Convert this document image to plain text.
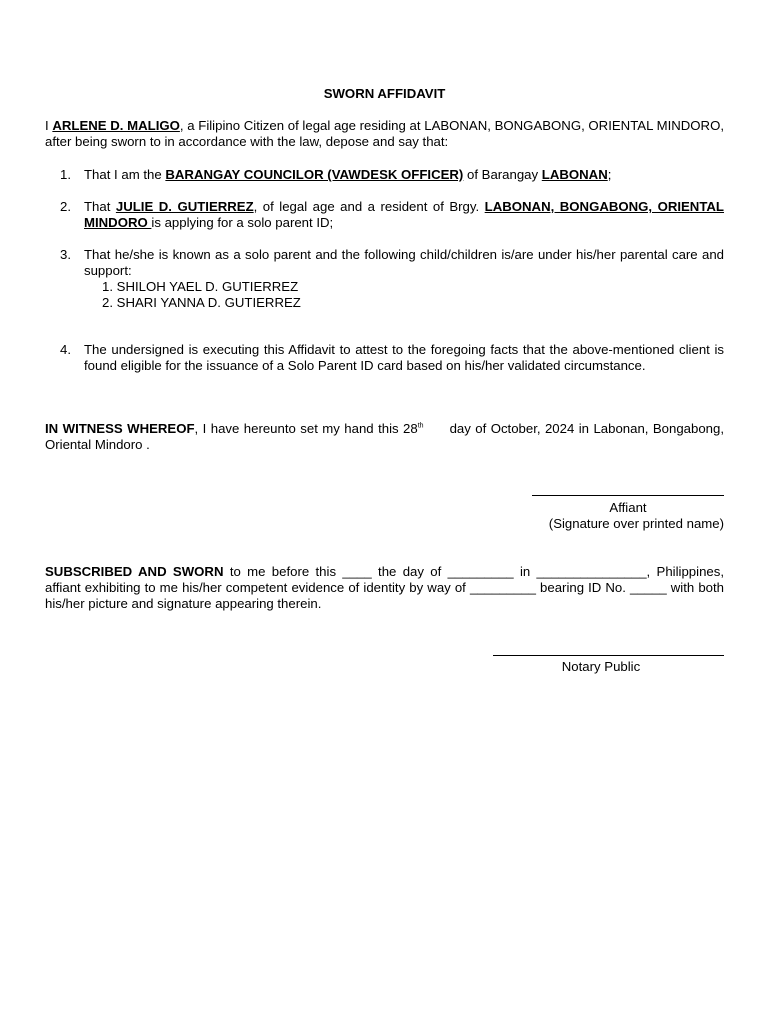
SWORN AFFIDAVIT
I ARLENE D. MALIGO, a Filipino Citizen of legal age residing at LABONAN, BONGABONG, ORIENTAL MINDORO, after being sworn to in accordance with the law, depose and say that:
1. That I am the BARANGAY COUNCILOR (VAWDESK OFFICER) of Barangay LABONAN;
2. That JULIE D. GUTIERREZ, of legal age and a resident of Brgy. LABONAN, BONGABONG, ORIENTAL MINDORO is applying for a solo parent ID;
3. That he/she is known as a solo parent and the following child/children is/are under his/her parental care and support:
1. SHILOH YAEL D. GUTIERREZ
2. SHARI YANNA D. GUTIERREZ
4. The undersigned is executing this Affidavit to attest to the foregoing facts that the above-mentioned client is found eligible for the issuance of a Solo Parent ID card based on his/her validated circumstance.
IN WITNESS WHEREOF, I have hereunto set my hand this 28th day of October, 2024 in Labonan, Bongabong, Oriental Mindoro .
Affiant
(Signature over printed name)
SUBSCRIBED AND SWORN to me before this ____ the day of _________ in _______________, Philippines, affiant exhibiting to me his/her competent evidence of identity by way of _________ bearing ID No. _____ with both his/her picture and signature appearing therein.
Notary Public
